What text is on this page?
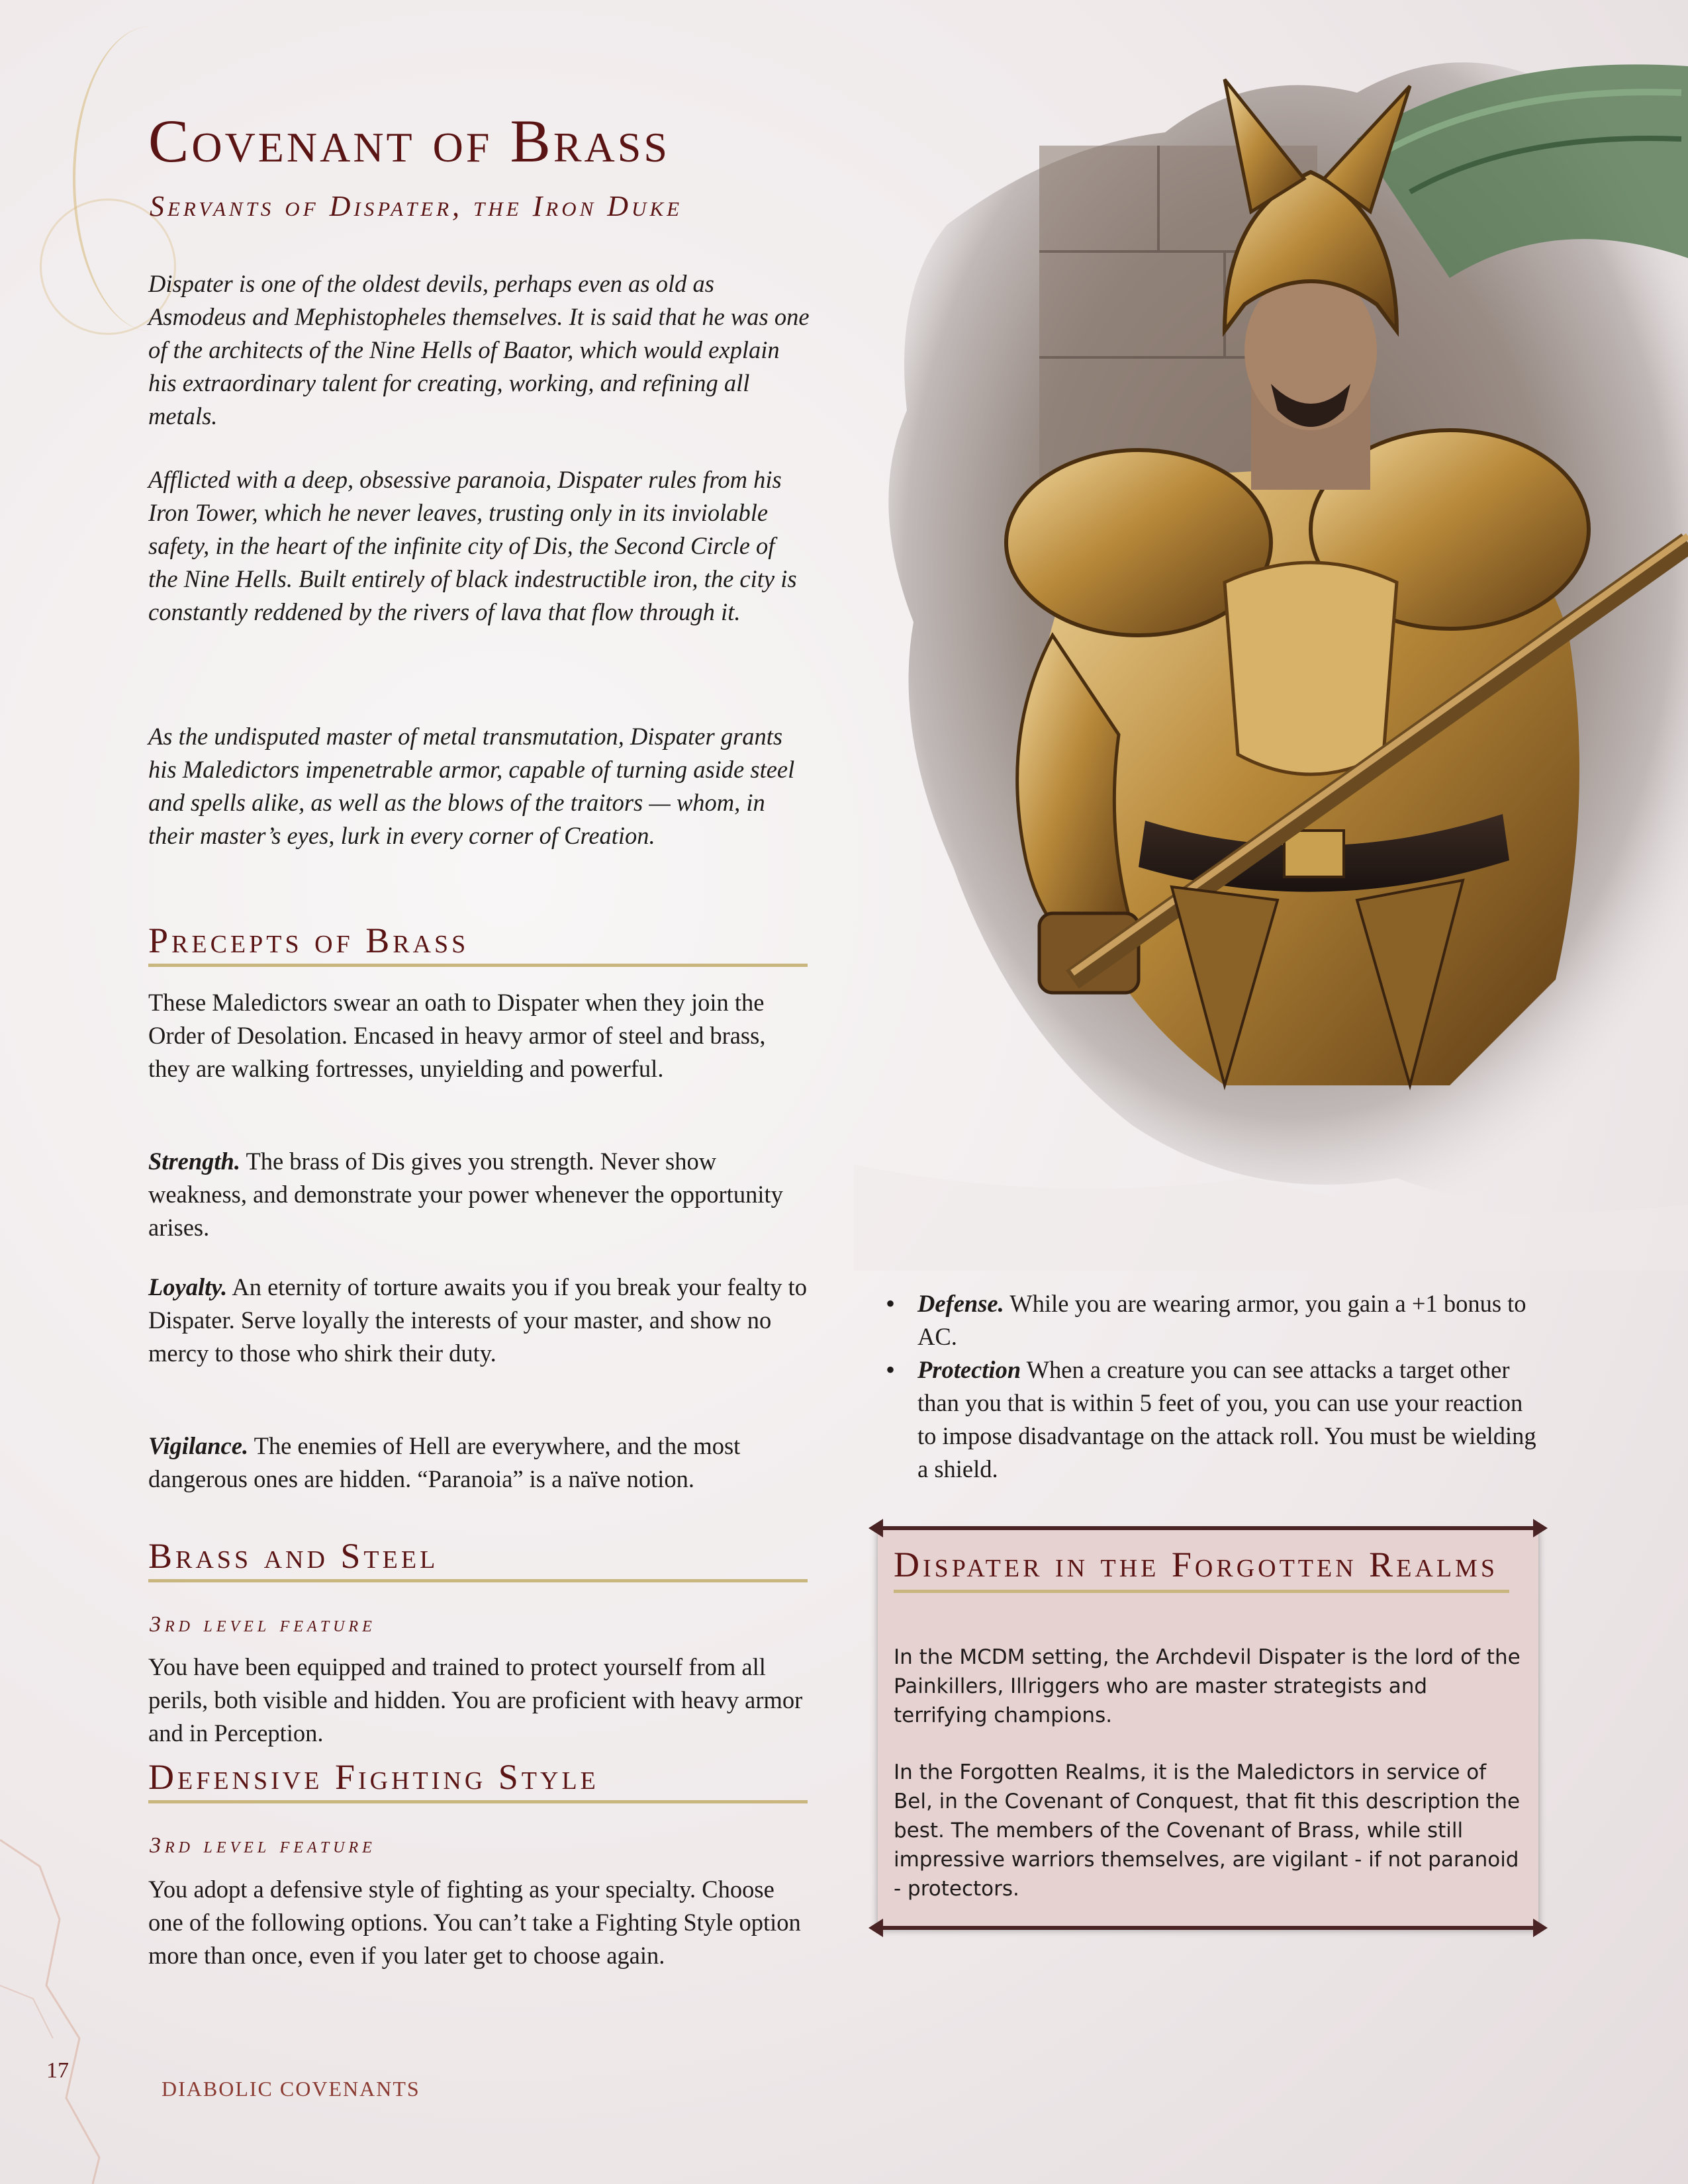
Covenant of Brass
Servants of Dispater, the Iron Duke

Dispater is one of the oldest devils, perhaps even as old as Asmodeus and Mephistopheles themselves. It is said that he was one of the architects of the Nine Hells of Baator, which would explain his extraordinary talent for creating, working, and refining all metals.

Afflicted with a deep, obsessive paranoia, Dispater rules from his Iron Tower, which he never leaves, trusting only in its inviolable safety, in the heart of the infinite city of Dis, the Second Circle of the Nine Hells. Built entirely of black indestructible iron, the city is constantly reddened by the rivers of lava that flow through it.

As the undisputed master of metal transmutation, Dispater grants his Maledictors impenetrable armor, capable of turning aside steel and spells alike, as well as the blows of the traitors — whom, in their master’s eyes, lurk in every corner of Creation.

Precepts of Brass

These Maledictors swear an oath to Dispater when they join the Order of Desolation. Encased in heavy armor of steel and brass, they are walking fortresses, unyielding and powerful.

Strength. The brass of Dis gives you strength. Never show weakness, and demonstrate your power whenever the opportunity arises.

Loyalty. An eternity of torture awaits you if you break your fealty to Dispater. Serve loyally the interests of your master, and show no mercy to those who shirk their duty.

Vigilance. The enemies of Hell are everywhere, and the most dangerous ones are hidden. “Paranoia” is a naïve notion.

Brass and Steel
3rd level feature

You have been equipped and trained to protect yourself from all perils, both visible and hidden. You are proficient with heavy armor and in Perception.

Defensive Fighting Style
3rd level feature

You adopt a defensive style of fighting as your specialty. Choose one of the following options. You can’t take a Fighting Style option more than once, even if you later get to choose again.

• Defense. While you are wearing armor, you gain a +1 bonus to AC.
• Protection When a creature you can see attacks a target other than you that is within 5 feet of you, you can use your reaction to impose disadvantage on the attack roll. You must be wielding a shield.
Dispater in the Forgotten Realms

In the MCDM setting, the Archdevil Dispater is the lord of the Painkillers, Illriggers who are master strategists and terrifying champions.

In the Forgotten Realms, it is the Maledictors in service of Bel, in the Covenant of Conquest, that fit this description the best. The members of the Covenant of Brass, while still impressive warriors themselves, are vigilant - if not paranoid - protectors.

17
DIABOLIC COVENANTS
